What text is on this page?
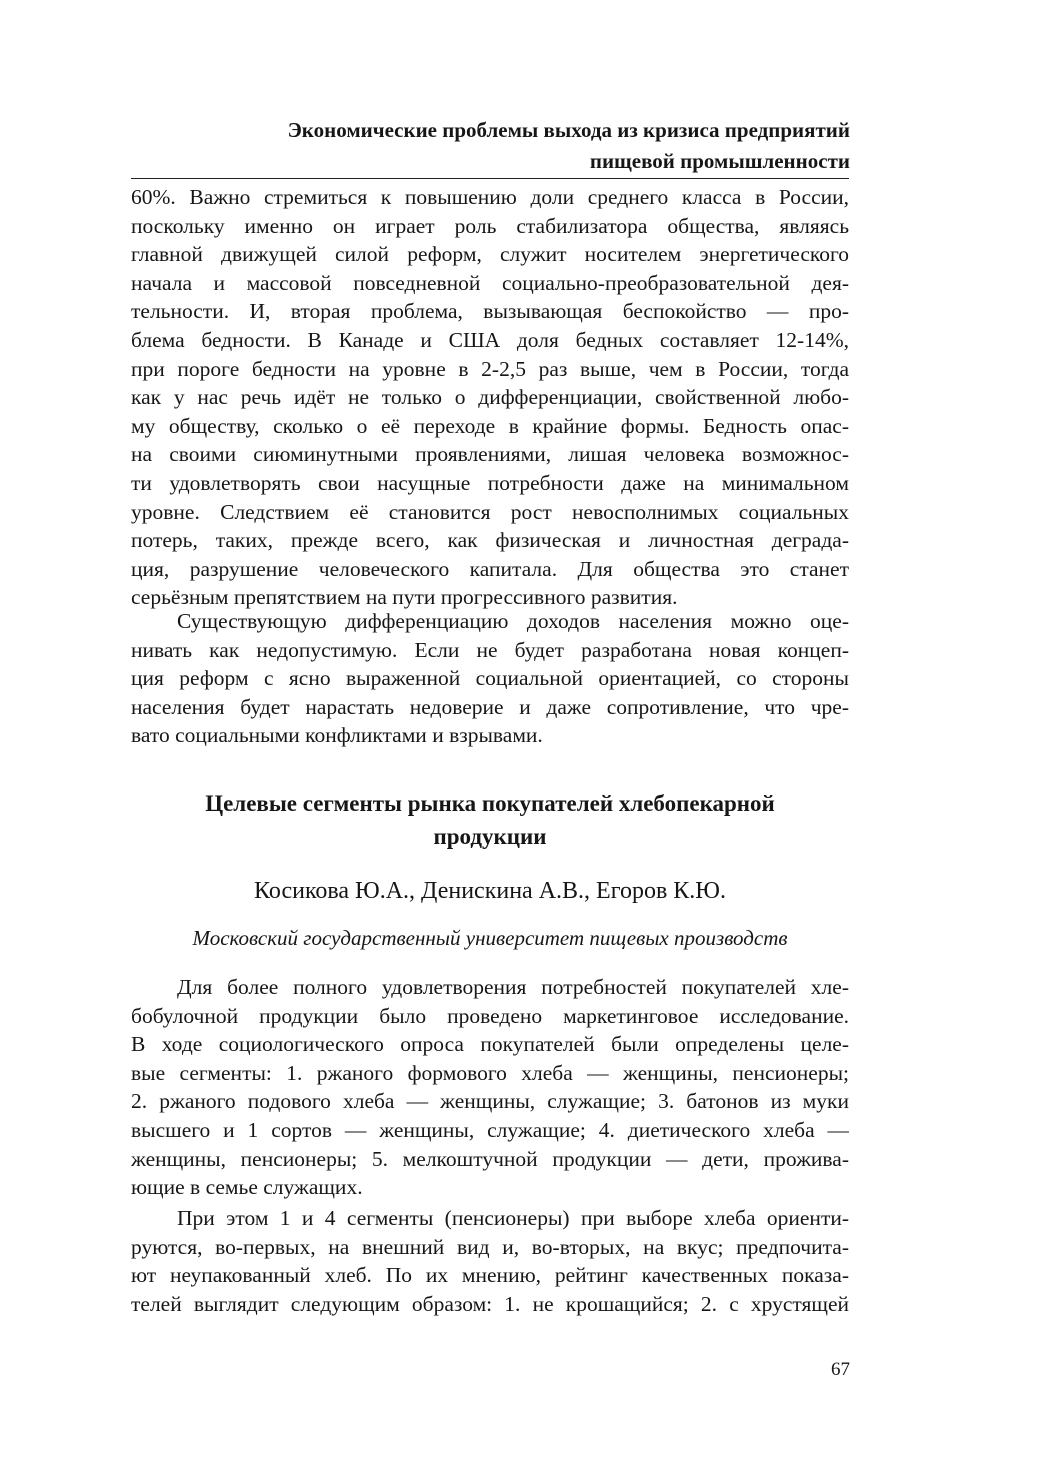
Экономические проблемы выхода из кризиса предприятий
пищевой промышленности
60%. Важно стремиться к повышению доли среднего класса в России,
поскольку именно он играет роль стабилизатора общества, являясь
главной движущей силой реформ, служит носителем энергетического
начала и массовой повседневной социально-преобразовательной дея-
тельности. И, вторая проблема, вызывающая беспокойство — про-
блема бедности. В Канаде и США доля бедных составляет 12-14%,
при пороге бедности на уровне в 2-2,5 раз выше, чем в России, тогда
как у нас речь идёт не только о дифференциации, свойственной любо-
му обществу, сколько о её переходе в крайние формы. Бедность опас-
на своими сиюминутными проявлениями, лишая человека возможнос-
ти удовлетворять свои насущные потребности даже на минимальном
уровне. Следствием её становится рост невосполнимых социальных
потерь, таких, прежде всего, как физическая и личностная деграда-
ция, разрушение человеческого капитала. Для общества это станет
серьёзным препятствием на пути прогрессивного развития.
Существующую дифференциацию доходов населения можно оце-
нивать как недопустимую. Если не будет разработана новая концеп-
ция реформ с ясно выраженной социальной ориентацией, со стороны
населения будет нарастать недоверие и даже сопротивление, что чре-
вато социальными конфликтами и взрывами.
Целевые сегменты рынка покупателей хлебопекарной
продукции
Косикова Ю.А., Денискина А.В., Егоров К.Ю.
Московский государственный университет пищевых производств
Для более полного удовлетворения потребностей покупателей хле-
бобулочной продукции было проведено маркетинговое исследование.
В ходе социологического опроса покупателей были определены целе-
вые сегменты: 1. ржаного формового хлеба — женщины, пенсионеры;
2. ржаного подового хлеба — женщины, служащие; 3. батонов из муки
высшего и 1 сортов — женщины, служащие; 4. диетического хлеба —
женщины, пенсионеры; 5. мелкоштучной продукции — дети, прожива-
ющие в семье служащих.
При этом 1 и 4 сегменты (пенсионеры) при выборе хлеба ориенти-
руются, во-первых, на внешний вид и, во-вторых, на вкус; предпочита-
ют неупакованный хлеб. По их мнению, рейтинг качественных показа-
телей выглядит следующим образом: 1. не крошащийся; 2. с хрустящей
67
